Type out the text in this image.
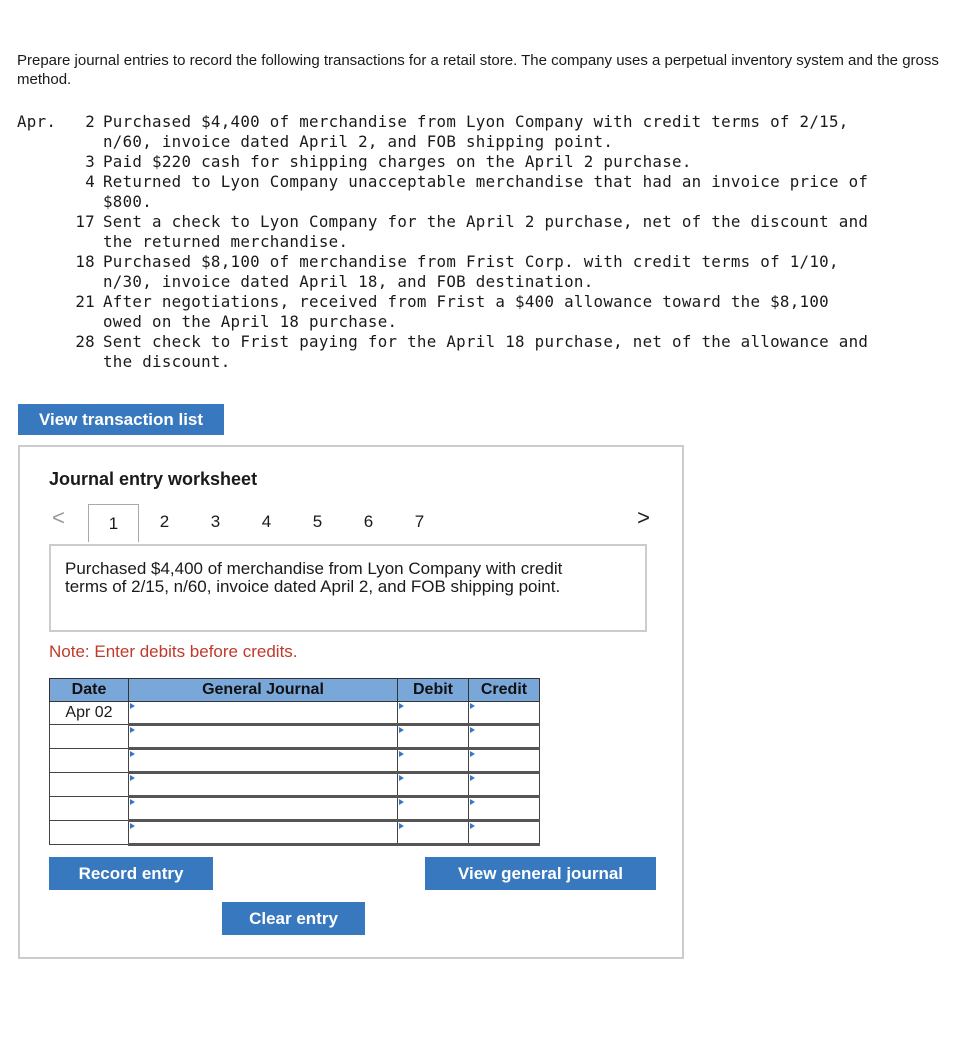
Prepare journal entries to record the following transactions for a retail store. The company uses a perpetual inventory system and the gross method.
Apr.	2 Purchased $4,400 of merchandise from Lyon Company with credit terms of 2/15,
n/60, invoice dated April 2, and FOB shipping point.
3 Paid $220 cash for shipping charges on the April 2 purchase.
4 Returned to Lyon Company unacceptable merchandise that had an invoice price of
$800.
17 Sent a check to Lyon Company for the April 2 purchase, net of the discount and
the returned merchandise.
18 Purchased $8,100 of merchandise from Frist Corp. with credit terms of 1/10,
n/30, invoice dated April 18, and FOB destination.
21 After negotiations, received from Frist a $400 allowance toward the $8,100
owed on the April 18 purchase.
28 Sent check to Frist paying for the April 18 purchase, net of the allowance and
the discount.
View transaction list
Journal entry worksheet
<	1	2	3	4	5	6	7	>
Purchased $4,400 of merchandise from Lyon Company with credit terms of 2/15, n/60, invoice dated April 2, and FOB shipping point.
Note: Enter debits before credits.
Date	General Journal	Debit	Credit
Apr 02			

Record entry
Clear entry
View general journal
